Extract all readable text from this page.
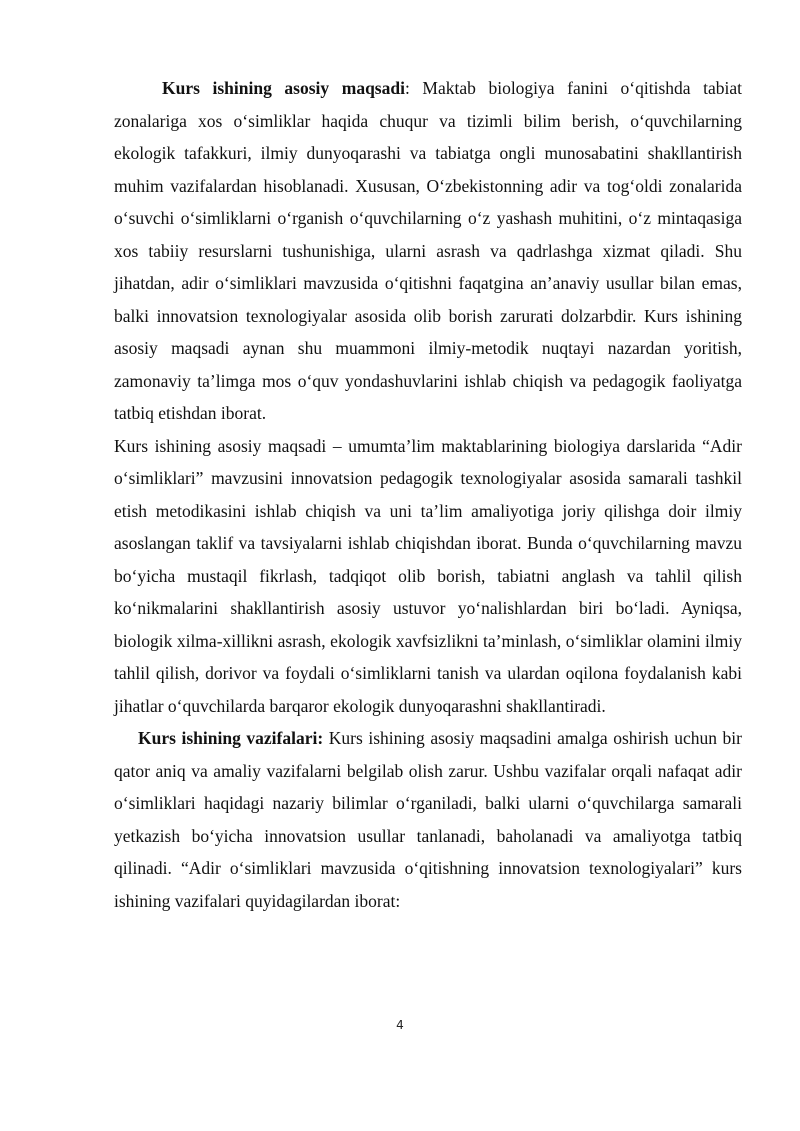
Kurs ishining asosiy maqsadi: Maktab biologiya fanini o‘qitishda tabiat zonalariga xos o‘simliklar haqida chuqur va tizimli bilim berish, o‘quvchilarning ekologik tafakkuri, ilmiy dunyoqarashi va tabiatga ongli munosabatini shakllantirish muhim vazifalardan hisoblanadi. Xususan, O‘zbekistonning adir va tog‘oldi zonalarida o‘suvchi o‘simliklarni o‘rganish o‘quvchilarning o‘z yashash muhitini, o‘z mintaqasiga xos tabiiy resurslarni tushunishiga, ularni asrash va qadrlashga xizmat qiladi. Shu jihatdan, adir o‘simliklari mavzusida o‘qitishni faqatgina an’anaviy usullar bilan emas, balki innovatsion texnologiyalar asosida olib borish zarurati dolzarbdir. Kurs ishining asosiy maqsadi aynan shu muammoni ilmiy-metodik nuqtayi nazardan yoritish, zamonaviy ta’limga mos o‘quv yondashuvlarini ishlab chiqish va pedagogik faoliyatga tatbiq etishdan iborat.

Kurs ishining asosiy maqsadi – umumta’lim maktablarining biologiya darslarida “Adir o‘simliklari” mavzusini innovatsion pedagogik texnologiyalar asosida samarali tashkil etish metodikasini ishlab chiqish va uni ta’lim amaliyotiga joriy qilishga doir ilmiy asoslangan taklif va tavsiyalarni ishlab chiqishdan iborat. Bunda o‘quvchilarning mavzu bo‘yicha mustaqil fikrlash, tadqiqot olib borish, tabiatni anglash va tahlil qilish ko‘nikmalarini shakllantirish asosiy ustuvor yo‘nalishlardan biri bo‘ladi. Ayniqsa, biologik xilma-xillikni asrash, ekologik xavfsizlikni ta’minlash, o‘simliklar olamini ilmiy tahlil qilish, dorivor va foydali o‘simliklarni tanish va ulardan oqilona foydalanish kabi jihatlar o‘quvchilarda barqaror ekologik dunyoqarashni shakllantiradi.

Kurs ishining vazifalari: Kurs ishining asosiy maqsadini amalga oshirish uchun bir qator aniq va amaliy vazifalarni belgilab olish zarur. Ushbu vazifalar orqali nafaqat adir o‘simliklari haqidagi nazariy bilimlar o‘rganiladi, balki ularni o‘quvchilarga samarali yetkazish bo‘yicha innovatsion usullar tanlanadi, baholanadi va amaliyotga tatbiq qilinadi. “Adir o‘simliklari mavzusida o‘qitishning innovatsion texnologiyalari” kurs ishining vazifalari quyidagilardan iborat:

4
